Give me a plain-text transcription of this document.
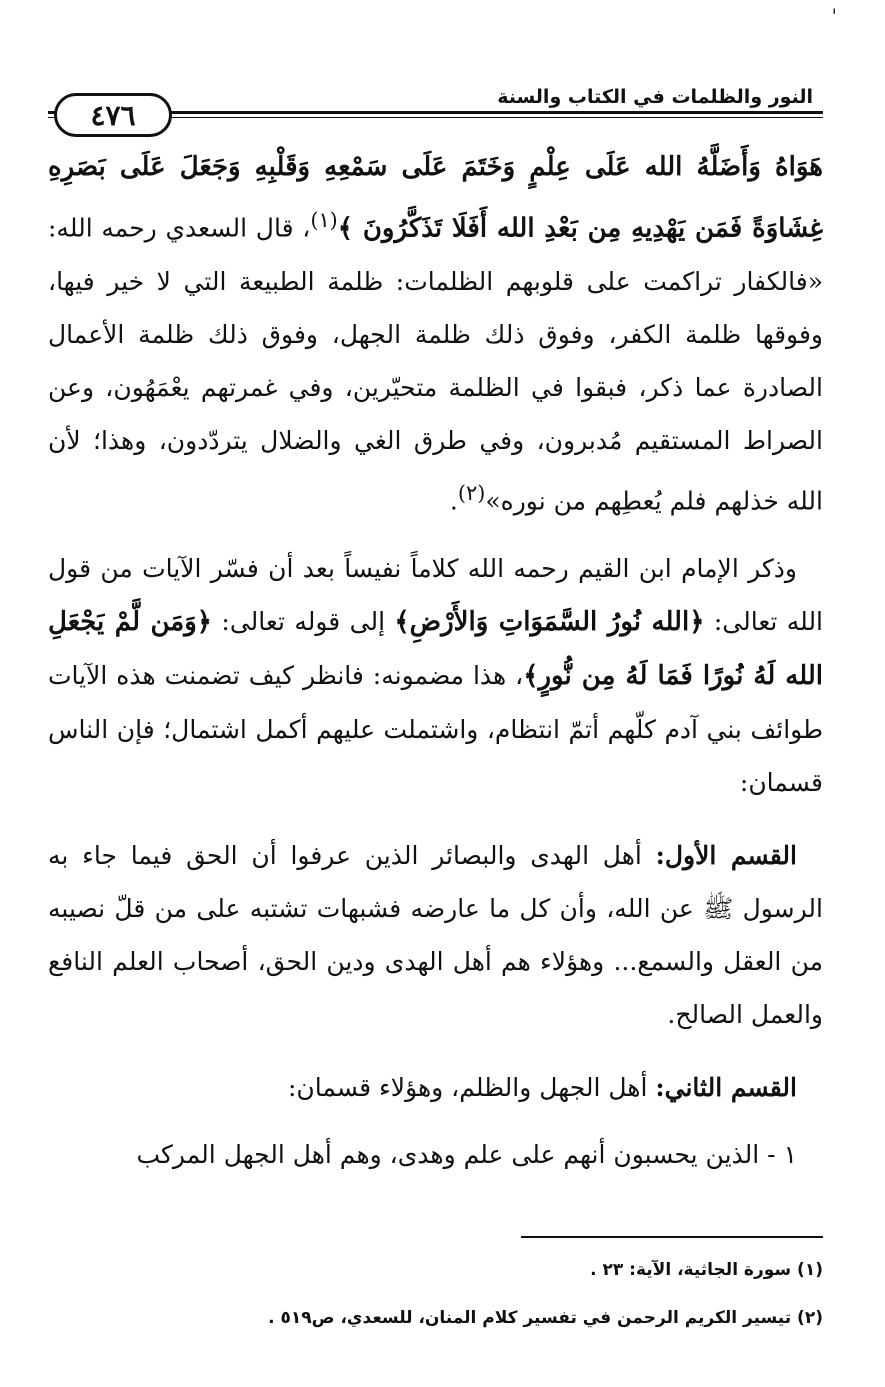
'
النور والظلمات في الكتاب والسنة
٤٧٦

هَوَاهُ وَأَضَلَّهُ الله عَلَى عِلْمٍ وَخَتَمَ عَلَى سَمْعِهِ وَقَلْبِهِ وَجَعَلَ عَلَى بَصَرِهِ غِشَاوَةً فَمَن يَهْدِيهِ مِن بَعْدِ الله أَفَلَا تَذَكَّرُونَ ﴾$^{(١)}$، قال السعدي رحمه الله: «فالكفار تراكمت على قلوبهم الظلمات: ظلمة الطبيعة التي لا خير فيها، وفوقها ظلمة الكفر، وفوق ذلك ظلمة الجهل، وفوق ذلك ظلمة الأعمال الصادرة عما ذكر، فبقوا في الظلمة متحيّرين، وفي غمرتهم يعْمَهُون، وعن الصراط المستقيم مُدبرون، وفي طرق الغي والضلال يتردّدون، وهذا؛ لأن الله خذلهم فلم يُعطِهم من نوره»$^{(٢)}$.

وذكر الإمام ابن القيم رحمه الله كلاماً نفيساً بعد أن فسّر الآيات من قول الله تعالى: ﴿الله نُورُ السَّمَوَاتِ وَالأَرْضِ﴾ إلى قوله تعالى: ﴿وَمَن لَّمْ يَجْعَلِ الله لَهُ نُورًا فَمَا لَهُ مِن نُّورٍ﴾، هذا مضمونه: فانظر كيف تضمنت هذه الآيات طوائف بني آدم كلّهم أتمّ انتظام، واشتملت عليهم أكمل اشتمال؛ فإن الناس قسمان:

القسم الأول: أهل الهدى والبصائر الذين عرفوا أن الحق فيما جاء به الرسول ﷺ عن الله، وأن كل ما عارضه فشبهات تشتبه على من قلّ نصيبه من العقل والسمع... وهؤلاء هم أهل الهدى ودين الحق، أصحاب العلم النافع والعمل الصالح.

القسم الثاني: أهل الجهل والظلم، وهؤلاء قسمان:

١ - الذين يحسبون أنهم على علم وهدى، وهم أهل الجهل المركب

(١) سورة الجاثية، الآية: ٢٣ .

(٢) تيسير الكريم الرحمن في تفسير كلام المنان، للسعدي، ص٥١٩ .
